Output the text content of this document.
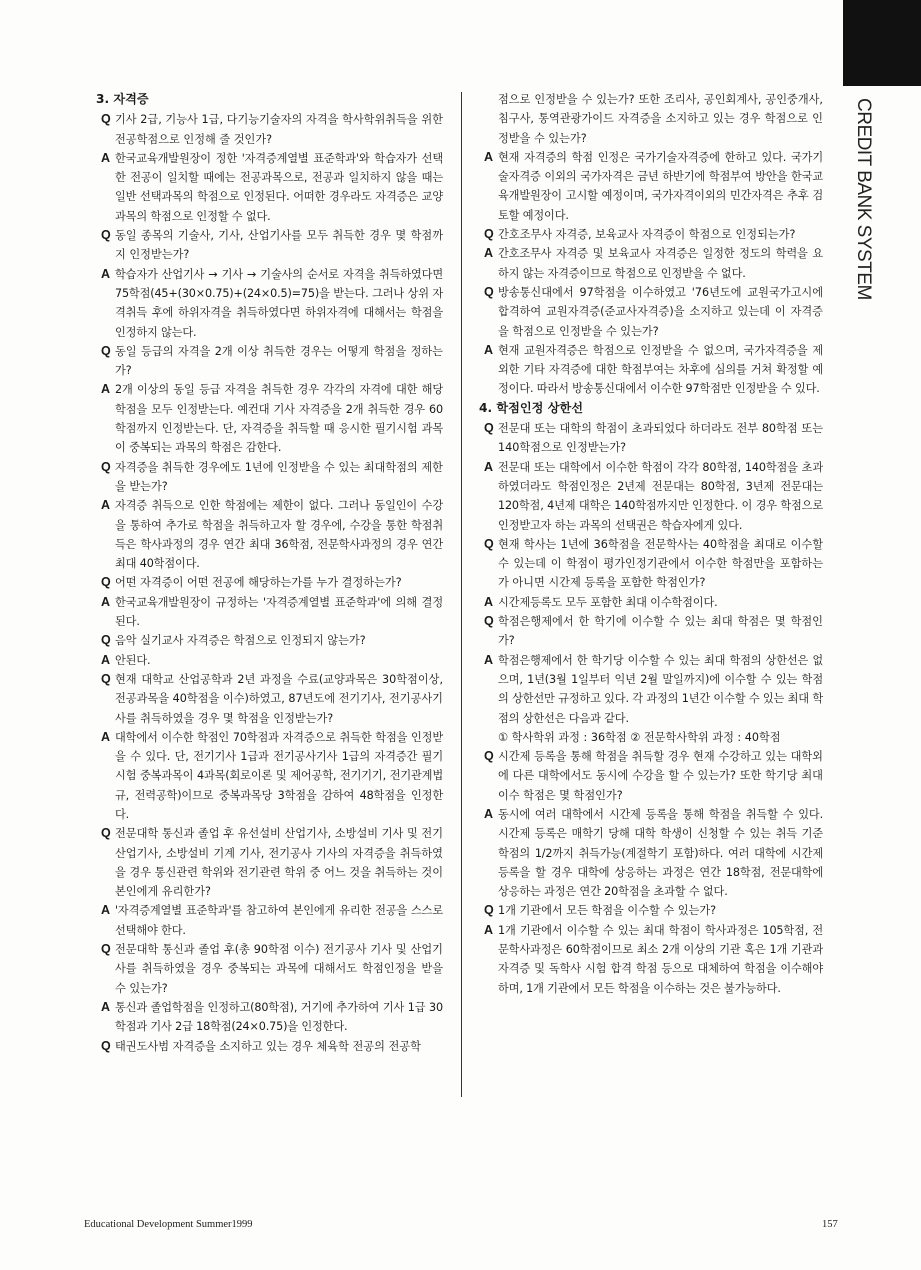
CREDIT BANK SYSTEM
3. 자격증
Q 기사 2급, 기능사 1급, 다기능기술자의 자격을 학사학위취득을 위한 전공학점으로 인정해 줄 것인가?
A 한국교육개발원장이 정한 '자격증계열별 표준학과'와 학습자가 선택한 전공이 일치할 때에는 전공과목으로, 전공과 일치하지 않을 때는 일반 선택과목의 학점으로 인정된다. 어떠한 경우라도 자격증은 교양과목의 학점으로 인정할 수 없다.
Q 동일 종목의 기술사, 기사, 산업기사를 모두 취득한 경우 몇 학점까지 인정받는가?
A 학습자가 산업기사 → 기사 → 기술사의 순서로 자격을 취득하였다면 75학점(45+(30×0.75)+(24×0.5)=75)을 받는다. 그러나 상위 자격취득 후에 하위자격을 취득하였다면 하위자격에 대해서는 학점을 인정하지 않는다.
Q 동일 등급의 자격을 2개 이상 취득한 경우는 어떻게 학점을 정하는가?
A 2개 이상의 동일 등급 자격을 취득한 경우 각각의 자격에 대한 해당 학점을 모두 인정받는다. 예컨대 기사 자격증을 2개 취득한 경우 60학점까지 인정받는다. 단, 자격증을 취득할 때 응시한 필기시험 과목이 중복되는 과목의 학점은 감한다.
Q 자격증을 취득한 경우에도 1년에 인정받을 수 있는 최대학점의 제한을 받는가?
A 자격증 취득으로 인한 학점에는 제한이 없다. 그러나 동일인이 수강을 통하여 추가로 학점을 취득하고자 할 경우에, 수강을 통한 학점취득은 학사과정의 경우 연간 최대 36학점, 전문학사과정의 경우 연간 최대 40학점이다.
Q 어떤 자격증이 어떤 전공에 해당하는가를 누가 결정하는가?
A 한국교육개발원장이 규정하는 '자격증계열별 표준학과'에 의해 결정된다.
Q 음악 실기교사 자격증은 학점으로 인정되지 않는가?
A 안된다.
Q 현재 대학교 산업공학과 2년 과정을 수료(교양과목은 30학점이상, 전공과목을 40학점을 이수)하였고, 87년도에 전기기사, 전기공사기사를 취득하였을 경우 몇 학점을 인정받는가?
A 대학에서 이수한 학점인 70학점과 자격증으로 취득한 학점을 인정받을 수 있다. 단, 전기기사 1급과 전기공사기사 1급의 자격증간 필기시험 중복과목이 4과목(회로이론 및 제어공학, 전기기기, 전기관계법규, 전력공학)이므로 중복과목당 3학점을 감하여 48학점을 인정한다.
Q 전문대학 통신과 졸업 후 유선설비 산업기사, 소방설비 기사 및 전기산업기사, 소방설비 기계 기사, 전기공사 기사의 자격증을 취득하였을 경우 통신관련 학위와 전기관련 학위 중 어느 것을 취득하는 것이 본인에게 유리한가?
A '자격증계열별 표준학과'를 참고하여 본인에게 유리한 전공을 스스로 선택해야 한다.
Q 전문대학 통신과 졸업 후(총 90학점 이수) 전기공사 기사 및 산업기사를 취득하였을 경우 중복되는 과목에 대해서도 학점인정을 받을 수 있는가?
A 통신과 졸업학점을 인정하고(80학점), 거기에 추가하여 기사 1급 30학점과 기사 2급 18학점(24×0.75)을 인정한다.
Q 태권도사범 자격증을 소지하고 있는 경우 체육학 전공의 전공학
점으로 인정받을 수 있는가? 또한 조리사, 공인회계사, 공인중개사, 침구사, 통역관광가이드 자격증을 소지하고 있는 경우 학점으로 인정받을 수 있는가?
A 현재 자격증의 학점 인정은 국가기술자격증에 한하고 있다. 국가기술자격증 이외의 국가자격은 금년 하반기에 학점부여 방안을 한국교육개발원장이 고시할 예정이며, 국가자격이외의 민간자격은 추후 검토할 예정이다.
Q 간호조무사 자격증, 보육교사 자격증이 학점으로 인정되는가?
A 간호조무사 자격증 및 보육교사 자격증은 일정한 정도의 학력을 요하지 않는 자격증이므로 학점으로 인정받을 수 없다.
Q 방송통신대에서 97학점을 이수하였고 '76년도에 교원국가고시에 합격하여 교원자격증(준교사자격증)을 소지하고 있는데 이 자격증을 학점으로 인정받을 수 있는가?
A 현재 교원자격증은 학점으로 인정받을 수 없으며, 국가자격증을 제외한 기타 자격증에 대한 학점부여는 차후에 심의를 거쳐 확정할 예정이다. 따라서 방송통신대에서 이수한 97학점만 인정받을 수 있다.
4. 학점인정 상한선
Q 전문대 또는 대학의 학점이 초과되었다 하더라도 전부 80학점 또는 140학점으로 인정받는가?
A 전문대 또는 대학에서 이수한 학점이 각각 80학점, 140학점을 초과하였더라도 학점인정은 2년제 전문대는 80학점, 3년제 전문대는120학점, 4년제 대학은 140학점까지만 인정한다. 이 경우 학점으로 인정받고자 하는 과목의 선택권은 학습자에게 있다.
Q 현재 학사는 1년에 36학점을 전문학사는 40학점을 최대로 이수할 수 있는데 이 학점이 평가인정기관에서 이수한 학점만을 포함하는가 아니면 시간제 등록을 포함한 학점인가?
A 시간제등록도 모두 포함한 최대 이수학점이다.
Q 학점은행제에서 한 학기에 이수할 수 있는 최대 학점은 몇 학점인가?
A 학점은행제에서 한 학기당 이수할 수 있는 최대 학점의 상한선은 없으며, 1년(3월 1일부터 익년 2월 말일까지)에 이수할 수 있는 학점의 상한선만 규정하고 있다. 각 과정의 1년간 이수할 수 있는 최대 학점의 상한선은 다음과 같다.
① 학사학위 과정 : 36학점 ② 전문학사학위 과정 : 40학점
Q 시간제 등록을 통해 학점을 취득할 경우 현재 수강하고 있는 대학외에 다른 대학에서도 동시에 수강을 할 수 있는가? 또한 학기당 최대 이수 학점은 몇 학점인가?
A 동시에 여러 대학에서 시간제 등록을 통해 학점을 취득할 수 있다. 시간제 등록은 매학기 당해 대학 학생이 신청할 수 있는 취득 기준 학점의 1/2까지 취득가능(계절학기 포함)하다. 여러 대학에 시간제 등록을 할 경우 대학에 상응하는 과정은 연간 18학점, 전문대학에 상응하는 과정은 연간 20학점을 초과할 수 없다.
Q 1개 기관에서 모든 학점을 이수할 수 있는가?
A 1개 기관에서 이수할 수 있는 최대 학점이 학사과정은 105학점, 전문학사과정은 60학점이므로 최소 2개 이상의 기관 혹은 1개 기관과 자격증 및 독학사 시험 합격 학점 등으로 대체하여 학점을 이수해야 하며, 1개 기관에서 모든 학점을 이수하는 것은 불가능하다.
Educational Development Summer1999	157
